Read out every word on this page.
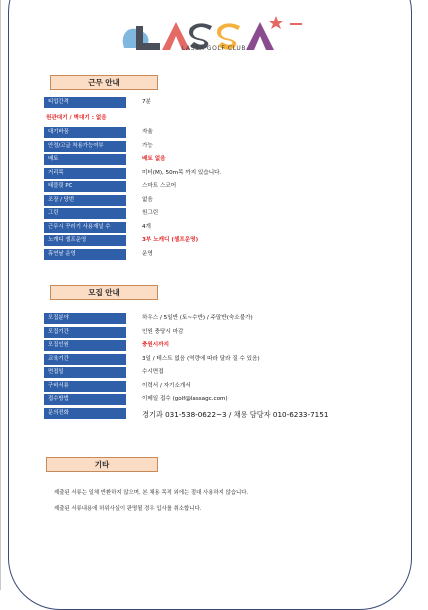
LASSA GOLF CLUB
근무 안내
티업간격	7분
원관대기 / 벽대기 : 없음
대기바꿈	자율
안정/고글 착용가능여부	가능
배토	배토 없음
거리목	미터(M), 50m목 까지 있습니다.
태블릿 PC	스마트 스코어
조장 / 당번	없음
그린	원그린
근무시 꾸러기 사용재널 수	4개
노캐디 셀프운영	3부 노캐디 (셀프운영)
휴연날 운영	운영
모집 안내
모집분야	하우스 / 5일반 (토~수반) / 주말반(숙소불가)
모집기간	인원 충당시 마감
모집인원	충원시까지
교육기간	3일 / 테스트 없음 (역량에 따라 달라 질 수 있음)
면접일	수시면접
구비서류	이력서 / 자기소개서
접수방법	이메일 접수 (golf@lassagc.com)
문의전화	경기과 031-538-0622~3 / 채용 담당자 010-6233-7151
기타
제출된 서류는 일체 반환하지 않으며, 본 채용 목적 외에는 절대 사용하지 않습니다.
제출된 서류내용에 허위사실이 판명될 경우 입사를 취소합니다.
